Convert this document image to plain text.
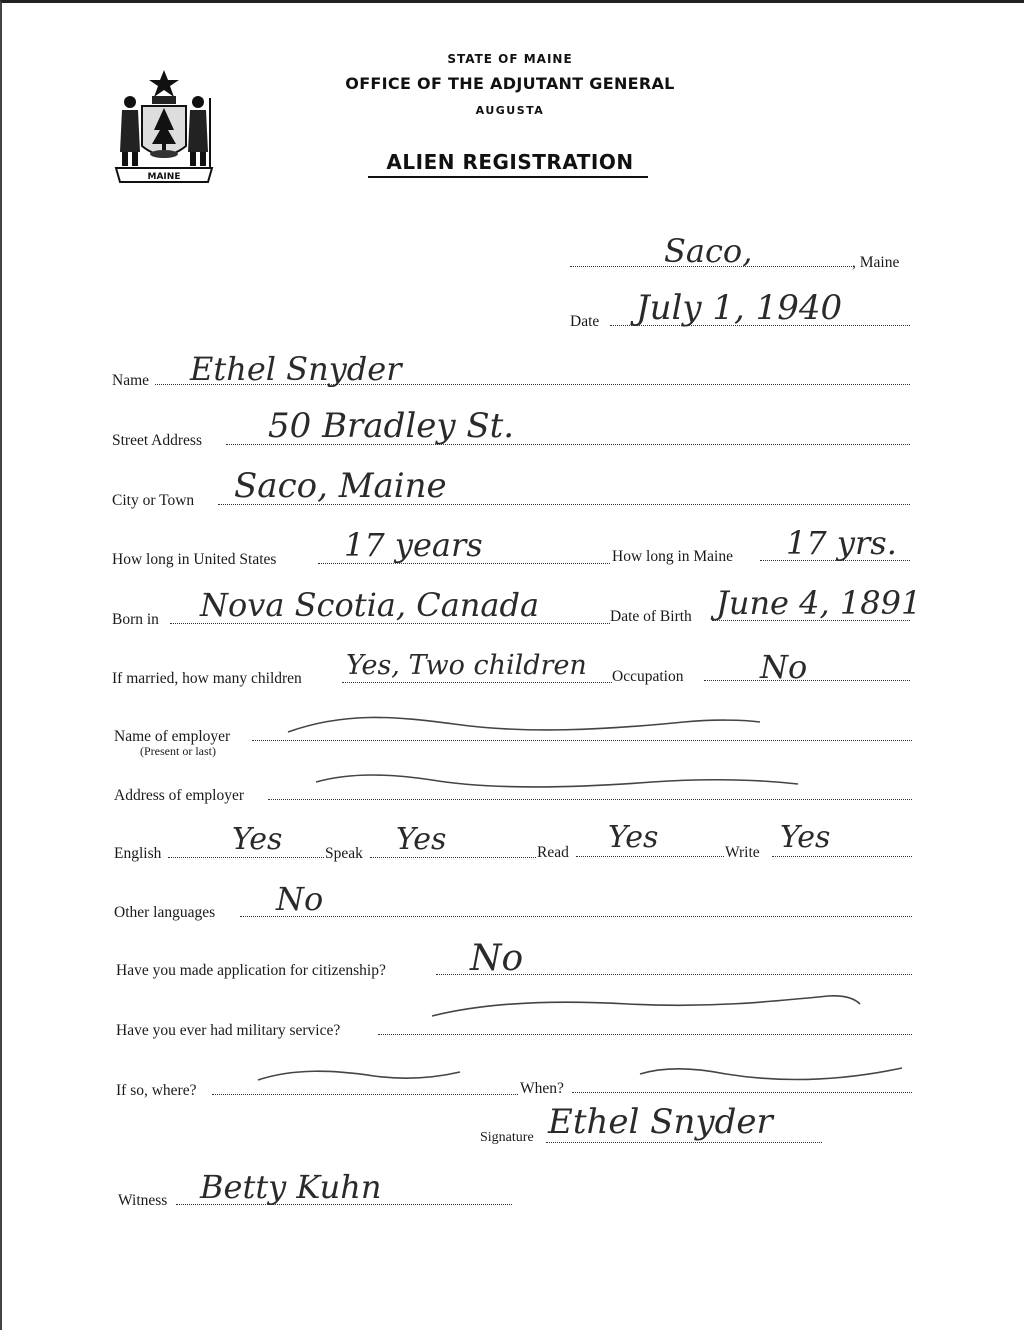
MAINE
STATE OF MAINE
OFFICE OF THE ADJUTANT GENERAL
AUGUSTA
ALIEN REGISTRATION
Saco,	, Maine
Date July 1, 1940
Name Ethel Snyder
Street Address 50 Bradley St.
City or Town Saco, Maine
How long in United States 17 years	How long in Maine 17 yrs.
Born in Nova Scotia, Canada	Date of Birth June 4, 1891
If married, how many children Yes, Two children Occupation No
Name of employer
(Present or last)
Address of employer
English Yes	Speak Yes	Read Yes	Write Yes
Other languages No
Have you made application for citizenship? No
Have you ever had military service?
If so, where?	When?
Signature Ethel Snyder
Witness Betty Kuhn
